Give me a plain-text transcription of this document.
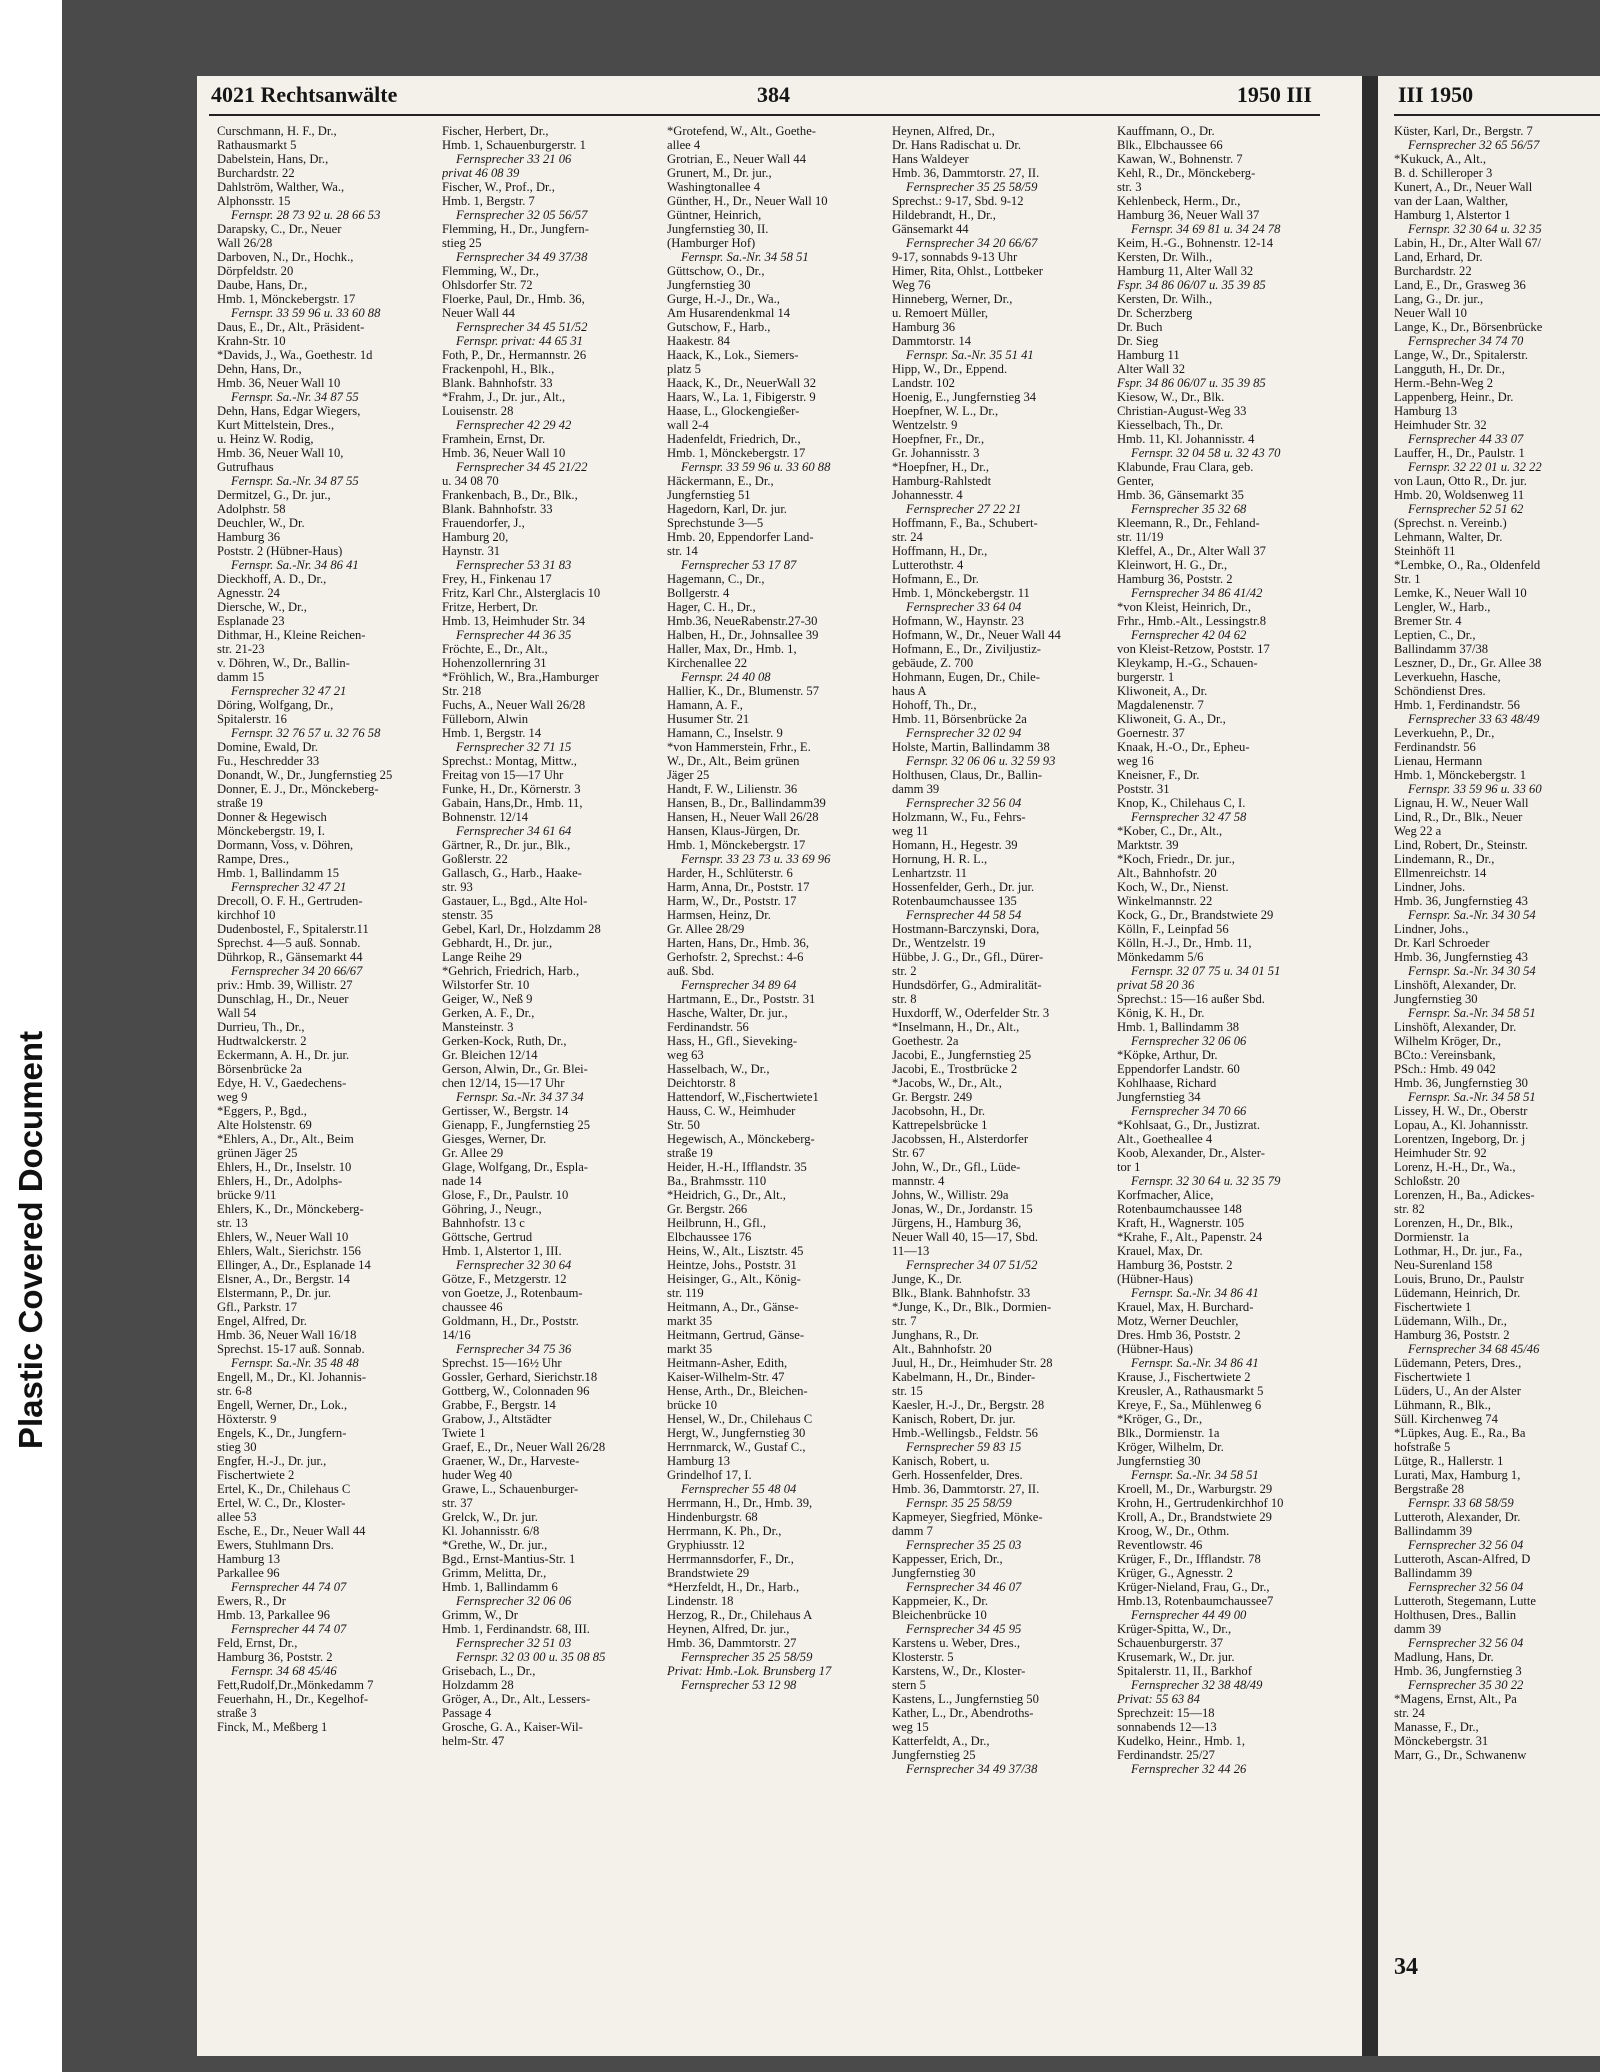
Plastic Covered Document
4021 Rechtsanwälte	384	1950 III
Curschmann, H. F., Dr.,
Rathausmarkt 5
Dabelstein, Hans, Dr.,
Burchardstr. 22
Dahlström, Walther, Wa.,
Alphonsstr. 15
Fernspr. 28 73 92 u. 28 66 53
Darapsky, C., Dr., Neuer
Wall 26/28
Darboven, N., Dr., Hochk.,
Dörpfeldstr. 20
Daube, Hans, Dr.,
Hmb. 1, Mönckebergstr. 17
Fernspr. 33 59 96 u. 33 60 88
Daus, E., Dr., Alt., Präsident-
Krahn-Str. 10
*Davids, J., Wa., Goethestr. 1d
Dehn, Hans, Dr.,
Hmb. 36, Neuer Wall 10
Fernspr. Sa.-Nr. 34 87 55
Dehn, Hans, Edgar Wiegers,
Kurt Mittelstein, Dres.,
u. Heinz W. Rodig,
Hmb. 36, Neuer Wall 10,
Gutrufhaus
Fernspr. Sa.-Nr. 34 87 55
Dermitzel, G., Dr. jur.,
Adolphstr. 58
Deuchler, W., Dr.
Hamburg 36
Poststr. 2 (Hübner-Haus)
Fernspr. Sa.-Nr. 34 86 41
Dieckhoff, A. D., Dr.,
Agnesstr. 24
Diersche, W., Dr.,
Esplanade 23
Dithmar, H., Kleine Reichen-
str. 21-23
v. Döhren, W., Dr., Ballin-
damm 15
Fernsprecher 32 47 21
Döring, Wolfgang, Dr.,
Spitalerstr. 16
Fernspr. 32 76 57 u. 32 76 58
Domine, Ewald, Dr.
Fu., Heschredder 33
Donandt, W., Dr., Jungfernstieg 25
Donner, E. J., Dr., Mönckeberg-
straße 19
Donner & Hegewisch
Mönckebergstr. 19, I.
Dormann, Voss, v. Döhren,
Rampe, Dres.,
Hmb. 1, Ballindamm 15
Fernsprecher 32 47 21
Drecoll, O. F. H., Gertruden-
kirchhof 10
Dudenbostel, F., Spitalerstr.11
Sprechst. 4—5 auß. Sonnab.
Dührkop, R., Gänsemarkt 44
Fernsprecher 34 20 66/67
priv.: Hmb. 39, Willistr. 27
Dunschlag, H., Dr., Neuer
Wall 54
Durrieu, Th., Dr.,
Hudtwalckerstr. 2
Eckermann, A. H., Dr. jur.
Börsenbrücke 2a
Edye, H. V., Gaedechens-
weg 9
*Eggers, P., Bgd.,
Alte Holstenstr. 69
*Ehlers, A., Dr., Alt., Beim
grünen Jäger 25
Ehlers, H., Dr., Inselstr. 10
Ehlers, H., Dr., Adolphs-
brücke 9/11
Ehlers, K., Dr., Mönckeberg-
str. 13
Ehlers, W., Neuer Wall 10
Ehlers, Walt., Sierichstr. 156
Ellinger, A., Dr., Esplanade 14
Elsner, A., Dr., Bergstr. 14
Elstermann, P., Dr. jur.
Gfl., Parkstr. 17
Engel, Alfred, Dr.
Hmb. 36, Neuer Wall 16/18
Sprechst. 15-17 auß. Sonnab.
Fernspr. Sa.-Nr. 35 48 48
Engell, M., Dr., Kl. Johannis-
str. 6-8
Engell, Werner, Dr., Lok.,
Höxterstr. 9
Engels, K., Dr., Jungfern-
stieg 30
Engfer, H.-J., Dr. jur.,
Fischertwiete 2
Ertel, K., Dr., Chilehaus C
Ertel, W. C., Dr., Kloster-
allee 53
Esche, E., Dr., Neuer Wall 44
Ewers, Stuhlmann Drs.
Hamburg 13
Parkallee 96
Fernsprecher 44 74 07
Ewers, R., Dr
Hmb. 13, Parkallee 96
Fernsprecher 44 74 07
Feld, Ernst, Dr.,
Hamburg 36, Poststr. 2
Fernspr. 34 68 45/46
Fett,Rudolf,Dr.,Mönkedamm 7
Feuerhahn, H., Dr., Kegelhof-
straße 3
Finck, M., Meßberg 1
Fischer, Herbert, Dr.,
Hmb. 1, Schauenburgerstr. 1
Fernsprecher 33 21 06
privat 46 08 39
Fischer, W., Prof., Dr.,
Hmb. 1, Bergstr. 7
Fernsprecher 32 05 56/57
Flemming, H., Dr., Jungfern-
stieg 25
Fernsprecher 34 49 37/38
Flemming, W., Dr.,
Ohlsdorfer Str. 72
Floerke, Paul, Dr., Hmb. 36,
Neuer Wall 44
Fernsprecher 34 45 51/52
Fernspr. privat: 44 65 31
Foth, P., Dr., Hermannstr. 26
Frackenpohl, H., Blk.,
Blank. Bahnhofstr. 33
*Frahm, J., Dr. jur., Alt.,
Louisenstr. 28
Fernsprecher 42 29 42
Framhein, Ernst, Dr.
Hmb. 36, Neuer Wall 10
Fernsprecher 34 45 21/22
u. 34 08 70
Frankenbach, B., Dr., Blk.,
Blank. Bahnhofstr. 33
Frauendorfer, J.,
Hamburg 20,
Haynstr. 31
Fernsprecher 53 31 83
Frey, H., Finkenau 17
Fritz, Karl Chr., Alsterglacis 10
Fritze, Herbert, Dr.
Hmb. 13, Heimhuder Str. 34
Fernsprecher 44 36 35
Fröchte, E., Dr., Alt.,
Hohenzollernring 31
*Fröhlich, W., Bra.,Hamburger
Str. 218
Fuchs, A., Neuer Wall 26/28
Fülleborn, Alwin
Hmb. 1, Bergstr. 14
Fernsprecher 32 71 15
Sprechst.: Montag, Mittw.,
Freitag von 15—17 Uhr
Funke, H., Dr., Körnerstr. 3
Gabain, Hans,Dr., Hmb. 11,
Bohnenstr. 12/14
Fernsprecher 34 61 64
Gärtner, R., Dr. jur., Blk.,
Goßlerstr. 22
Gallasch, G., Harb., Haake-
str. 93
Gastauer, L., Bgd., Alte Hol-
stenstr. 35
Gebel, Karl, Dr., Holzdamm 28
Gebhardt, H., Dr. jur.,
Lange Reihe 29
*Gehrich, Friedrich, Harb.,
Wilstorfer Str. 10
Geiger, W., Neß 9
Gerken, A. F., Dr.,
Mansteinstr. 3
Gerken-Kock, Ruth, Dr.,
Gr. Bleichen 12/14
Gerson, Alwin, Dr., Gr. Blei-
chen 12/14, 15—17 Uhr
Fernspr. Sa.-Nr. 34 37 34
Gertisser, W., Bergstr. 14
Gienapp, F., Jungfernstieg 25
Giesges, Werner, Dr.
Gr. Allee 29
Glage, Wolfgang, Dr., Espla-
nade 14
Glose, F., Dr., Paulstr. 10
Göhring, J., Neugr.,
Bahnhofstr. 13 c
Göttsche, Gertrud
Hmb. 1, Alstertor 1, III.
Fernsprecher 32 30 64
Götze, F., Metzgerstr. 12
von Goetze, J., Rotenbaum-
chaussee 46
Goldmann, H., Dr., Poststr.
14/16
Fernsprecher 34 75 36
Sprechst. 15—16½ Uhr
Gossler, Gerhard, Sierichstr.18
Gottberg, W., Colonnaden 96
Grabbe, F., Bergstr. 14
Grabow, J., Altstädter
Twiete 1
Graef, E., Dr., Neuer Wall 26/28
Graener, W., Dr., Harveste-
huder Weg 40
Grawe, L., Schauenburger-
str. 37
Grelck, W., Dr. jur.
Kl. Johannisstr. 6/8
*Grethe, W., Dr. jur.,
Bgd., Ernst-Mantius-Str. 1
Grimm, Melitta, Dr.,
Hmb. 1, Ballindamm 6
Fernsprecher 32 06 06
Grimm, W., Dr
Hmb. 1, Ferdinandstr. 68, III.
Fernsprecher 32 51 03
Fernspr. 32 03 00 u. 35 08 85
Grisebach, L., Dr.,
Holzdamm 28
Gröger, A., Dr., Alt., Lessers-
Passage 4
Grosche, G. A., Kaiser-Wil-
helm-Str. 47
*Grotefend, W., Alt., Goethe-
allee 4
Grotrian, E., Neuer Wall 44
Grunert, M., Dr. jur.,
Washingtonallee 4
Günther, H., Dr., Neuer Wall 10
Güntner, Heinrich,
Jungfernstieg 30, II.
(Hamburger Hof)
Fernspr. Sa.-Nr. 34 58 51
Güttschow, O., Dr.,
Jungfernstieg 30
Gurge, H.-J., Dr., Wa.,
Am Husarendenkmal 14
Gutschow, F., Harb.,
Haakestr. 84
Haack, K., Lok., Siemers-
platz 5
Haack, K., Dr., NeuerWall 32
Haars, W., La. 1, Fibigerstr. 9
Haase, L., Glockengießer-
wall 2-4
Hadenfeldt, Friedrich, Dr.,
Hmb. 1, Mönckebergstr. 17
Fernspr. 33 59 96 u. 33 60 88
Häckermann, E., Dr.,
Jungfernstieg 51
Hagedorn, Karl, Dr. jur.
Sprechstunde 3—5
Hmb. 20, Eppendorfer Land-
str. 14
Fernsprecher 53 17 87
Hagemann, C., Dr.,
Bollgerstr. 4
Hager, C. H., Dr.,
Hmb.36, NeueRabenstr.27-30
Halben, H., Dr., Johnsallee 39
Haller, Max, Dr., Hmb. 1,
Kirchenallee 22
Fernspr. 24 40 08
Hallier, K., Dr., Blumenstr. 57
Hamann, A. F.,
Husumer Str. 21
Hamann, C., Inselstr. 9
*von Hammerstein, Frhr., E.
W., Dr., Alt., Beim grünen
Jäger 25
Handt, F. W., Lilienstr. 36
Hansen, B., Dr., Ballindamm39
Hansen, H., Neuer Wall 26/28
Hansen, Klaus-Jürgen, Dr.
Hmb. 1, Mönckebergstr. 17
Fernspr. 33 23 73 u. 33 69 96
Harder, H., Schlüterstr. 6
Harm, Anna, Dr., Poststr. 17
Harm, W., Dr., Poststr. 17
Harmsen, Heinz, Dr.
Gr. Allee 28/29
Harten, Hans, Dr., Hmb. 36,
Gerhofstr. 2, Sprechst.: 4-6
auß. Sbd.
Fernsprecher 34 89 64
Hartmann, E., Dr., Poststr. 31
Hasche, Walter, Dr. jur.,
Ferdinandstr. 56
Hass, H., Gfl., Sieveking-
weg 63
Hasselbach, W., Dr.,
Deichtorstr. 8
Hattendorf, W.,Fischertwiete1
Hauss, C. W., Heimhuder
Str. 50
Hegewisch, A., Mönckeberg-
straße 19
Heider, H.-H., Ifflandstr. 35
Ba., Brahmsstr. 110
*Heidrich, G., Dr., Alt.,
Gr. Bergstr. 266
Heilbrunn, H., Gfl.,
Elbchaussee 176
Heins, W., Alt., Lisztstr. 45
Heintze, Johs., Poststr. 31
Heisinger, G., Alt., König-
str. 119
Heitmann, A., Dr., Gänse-
markt 35
Heitmann, Gertrud, Gänse-
markt 35
Heitmann-Asher, Edith,
Kaiser-Wilhelm-Str. 47
Hense, Arth., Dr., Bleichen-
brücke 10
Hensel, W., Dr., Chilehaus C
Hergt, W., Jungfernstieg 30
Herrnmarck, W., Gustaf C.,
Hamburg 13
Grindelhof 17, I.
Fernsprecher 55 48 04
Herrmann, H., Dr., Hmb. 39,
Hindenburgstr. 68
Herrmann, K. Ph., Dr.,
Gryphiusstr. 12
Herrmannsdorfer, F., Dr.,
Brandstwiete 29
*Herzfeldt, H., Dr., Harb.,
Lindenstr. 18
Herzog, R., Dr., Chilehaus A
Heynen, Alfred, Dr. jur.,
Hmb. 36, Dammtorstr. 27
Fernsprecher 35 25 58/59
Privat: Hmb.-Lok. Brunsberg 17
Fernsprecher 53 12 98
Heynen, Alfred, Dr.,
Dr. Hans Radischat u. Dr.
Hans Waldeyer
Hmb. 36, Dammtorstr. 27, II.
Fernsprecher 35 25 58/59
Sprechst.: 9-17, Sbd. 9-12
Hildebrandt, H., Dr.,
Gänsemarkt 44
Fernsprecher 34 20 66/67
9-17, sonnabds 9-13 Uhr
Himer, Rita, Ohlst., Lottbeker
Weg 76
Hinneberg, Werner, Dr.,
u. Remoert Müller,
Hamburg 36
Dammtorstr. 14
Fernspr. Sa.-Nr. 35 51 41
Hipp, W., Dr., Eppend.
Landstr. 102
Hoenig, E., Jungfernstieg 34
Hoepfner, W. L., Dr.,
Wentzelstr. 9
Hoepfner, Fr., Dr.,
Gr. Johannisstr. 3
*Hoepfner, H., Dr.,
Hamburg-Rahlstedt
Johannesstr. 4
Fernsprecher 27 22 21
Hoffmann, F., Ba., Schubert-
str. 24
Hoffmann, H., Dr.,
Lutterothstr. 4
Hofmann, E., Dr.
Hmb. 1, Mönckebergstr. 11
Fernsprecher 33 64 04
Hofmann, W., Haynstr. 23
Hofmann, W., Dr., Neuer Wall 44
Hofmann, E., Dr., Ziviljustiz-
gebäude, Z. 700
Hohmann, Eugen, Dr., Chile-
haus A
Hohoff, Th., Dr.,
Hmb. 11, Börsenbrücke 2a
Fernsprecher 32 02 94
Holste, Martin, Ballindamm 38
Fernspr. 32 06 06 u. 32 59 93
Holthusen, Claus, Dr., Ballin-
damm 39
Fernsprecher 32 56 04
Holzmann, W., Fu., Fehrs-
weg 11
Homann, H., Hegestr. 39
Hornung, H. R. L.,
Lenhartzstr. 11
Hossenfelder, Gerh., Dr. jur.
Rotenbaumchaussee 135
Fernsprecher 44 58 54
Hostmann-Barczynski, Dora,
Dr., Wentzelstr. 19
Hübbe, J. G., Dr., Gfl., Dürer-
str. 2
Hundsdörfer, G., Admiralität-
str. 8
Huxdorff, W., Oderfelder Str. 3
*Inselmann, H., Dr., Alt.,
Goethestr. 2a
Jacobi, E., Jungfernstieg 25
Jacobi, E., Trostbrücke 2
*Jacobs, W., Dr., Alt.,
Gr. Bergstr. 249
Jacobsohn, H., Dr.
Kattrepelsbrücke 1
Jacobssen, H., Alsterdorfer
Str. 67
John, W., Dr., Gfl., Lüde-
mannstr. 4
Johns, W., Willistr. 29a
Jonas, W., Dr., Jordanstr. 15
Jürgens, H., Hamburg 36,
Neuer Wall 40, 15—17, Sbd.
11—13
Fernsprecher 34 07 51/52
Junge, K., Dr.
Blk., Blank. Bahnhofstr. 33
*Junge, K., Dr., Blk., Dormien-
str. 7
Junghans, R., Dr.
Alt., Bahnhofstr. 20
Juul, H., Dr., Heimhuder Str. 28
Kabelmann, H., Dr., Binder-
str. 15
Kaesler, H.-J., Dr., Bergstr. 28
Kanisch, Robert, Dr. jur.
Hmb.-Wellingsb., Feldstr. 56
Fernsprecher 59 83 15
Kanisch, Robert, u.
Gerh. Hossenfelder, Dres.
Hmb. 36, Dammtorstr. 27, II.
Fernspr. 35 25 58/59
Kapmeyer, Siegfried, Mönke-
damm 7
Fernsprecher 35 25 03
Kappesser, Erich, Dr.,
Jungfernstieg 30
Fernsprecher 34 46 07
Kappmeier, K., Dr.
Bleichenbrücke 10
Fernsprecher 34 45 95
Karstens u. Weber, Dres.,
Klosterstr. 5
Karstens, W., Dr., Kloster-
stern 5
Kastens, L., Jungfernstieg 50
Kather, L., Dr., Abendroths-
weg 15
Katterfeldt, A., Dr.,
Jungfernstieg 25
Fernsprecher 34 49 37/38
Kauffmann, O., Dr.
Blk., Elbchaussee 66
Kawan, W., Bohnenstr. 7
Kehl, R., Dr., Mönckeberg-
str. 3
Kehlenbeck, Herm., Dr.,
Hamburg 36, Neuer Wall 37
Fernspr. 34 69 81 u. 34 24 78
Keim, H.-G., Bohnenstr. 12-14
Kersten, Dr. Wilh.,
Hamburg 11, Alter Wall 32
Fspr. 34 86 06/07 u. 35 39 85
Kersten, Dr. Wilh.,
Dr. Scherzberg
Dr. Buch
Dr. Sieg
Hamburg 11
Alter Wall 32
Fspr. 34 86 06/07 u. 35 39 85
Kiesow, W., Dr., Blk.
Christian-August-Weg 33
Kiesselbach, Th., Dr.
Hmb. 11, Kl. Johannisstr. 4
Fernspr. 32 04 58 u. 32 43 70
Klabunde, Frau Clara, geb.
Genter,
Hmb. 36, Gänsemarkt 35
Fernsprecher 35 32 68
Kleemann, R., Dr., Fehland-
str. 11/19
Kleffel, A., Dr., Alter Wall 37
Kleinwort, H. G., Dr.,
Hamburg 36, Poststr. 2
Fernsprecher 34 86 41/42
*von Kleist, Heinrich, Dr.,
Frhr., Hmb.-Alt., Lessingstr.8
Fernsprecher 42 04 62
von Kleist-Retzow, Poststr. 17
Kleykamp, H.-G., Schauen-
burgerstr. 1
Kliwoneit, A., Dr.
Magdalenenstr. 7
Kliwoneit, G. A., Dr.,
Goernestr. 37
Knaak, H.-O., Dr., Epheu-
weg 16
Kneisner, F., Dr.
Poststr. 31
Knop, K., Chilehaus C, I.
Fernsprecher 32 47 58
*Kober, C., Dr., Alt.,
Marktstr. 39
*Koch, Friedr., Dr. jur.,
Alt., Bahnhofstr. 20
Koch, W., Dr., Nienst.
Winkelmannstr. 22
Kock, G., Dr., Brandstwiete 29
Kölln, F., Leinpfad 56
Kölln, H.-J., Dr., Hmb. 11,
Mönkedamm 5/6
Fernspr. 32 07 75 u. 34 01 51
privat 58 20 36
Sprechst.: 15—16 außer Sbd.
König, K. H., Dr.
Hmb. 1, Ballindamm 38
Fernsprecher 32 06 06
*Köpke, Arthur, Dr.
Eppendorfer Landstr. 60
Kohlhaase, Richard
Jungfernstieg 34
Fernsprecher 34 70 66
*Kohlsaat, G., Dr., Justizrat.
Alt., Goetheallee 4
Koob, Alexander, Dr., Alster-
tor 1
Fernspr. 32 30 64 u. 32 35 79
Korfmacher, Alice,
Rotenbaumchaussee 148
Kraft, H., Wagnerstr. 105
*Krahe, F., Alt., Papenstr. 24
Krauel, Max, Dr.
Hamburg 36, Poststr. 2
(Hübner-Haus)
Fernspr. Sa.-Nr. 34 86 41
Krauel, Max, H. Burchard-
Motz, Werner Deuchler,
Dres. Hmb 36, Poststr. 2
(Hübner-Haus)
Fernspr. Sa.-Nr. 34 86 41
Krause, J., Fischertwiete 2
Kreusler, A., Rathausmarkt 5
Kreye, F., Sa., Mühlenweg 6
*Kröger, G., Dr.,
Blk., Dormienstr. 1a
Kröger, Wilhelm, Dr.
Jungfernstieg 30
Fernspr. Sa.-Nr. 34 58 51
Kroell, M., Dr., Warburgstr. 29
Krohn, H., Gertrudenkirchhof 10
Kroll, A., Dr., Brandstwiete 29
Kroog, W., Dr., Othm.
Reventlowstr. 46
Krüger, F., Dr., Ifflandstr. 78
Krüger, G., Agnesstr. 2
Krüger-Nieland, Frau, G., Dr.,
Hmb.13, Rotenbaumchaussee7
Fernsprecher 44 49 00
Krüger-Spitta, W., Dr.,
Schauenburgerstr. 37
Krusemark, W., Dr. jur.
Spitalerstr. 11, II., Barkhof
Fernsprecher 32 38 48/49
Privat: 55 63 84
Sprechzeit: 15—18
sonnabends 12—13
Kudelko, Heinr., Hmb. 1,
Ferdinandstr. 25/27
Fernsprecher 32 44 26
III 1950
Küster, Karl, Dr., Bergstr. 7
Fernsprecher 32 65 56/57
*Kukuck, A., Alt.,
B. d. Schilleroper 3
Kunert, A., Dr., Neuer Wall
van der Laan, Walther,
Hamburg 1, Alstertor 1
Fernspr. 32 30 64 u. 32 35
Labin, H., Dr., Alter Wall 67/
Land, Erhard, Dr.
Burchardstr. 22
Land, E., Dr., Grasweg 36
Lang, G., Dr. jur.,
Neuer Wall 10
Lange, K., Dr., Börsenbrücke
Fernsprecher 34 74 70
Lange, W., Dr., Spitalerstr.
Langguth, H., Dr. Dr.,
Herm.-Behn-Weg 2
Lappenberg, Heinr., Dr.
Hamburg 13
Heimhuder Str. 32
Fernsprecher 44 33 07
Lauffer, H., Dr., Paulstr. 1
Fernspr. 32 22 01 u. 32 22
von Laun, Otto R., Dr. jur.
Hmb. 20, Woldsenweg 11
Fernsprecher 52 51 62
(Sprechst. n. Vereinb.)
Lehmann, Walter, Dr.
Steinhöft 11
*Lembke, O., Ra., Oldenfeld
Str. 1
Lemke, K., Neuer Wall 10
Lengler, W., Harb.,
Bremer Str. 4
Leptien, C., Dr.,
Ballindamm 37/38
Leszner, D., Dr., Gr. Allee 38
Leverkuehn, Hasche,
Schöndienst Dres.
Hmb. 1, Ferdinandstr. 56
Fernsprecher 33 63 48/49
Leverkuehn, P., Dr.,
Ferdinandstr. 56
Lienau, Hermann
Hmb. 1, Mönckebergstr. 1
Fernspr. 33 59 96 u. 33 60
Lignau, H. W., Neuer Wall
Lind, R., Dr., Blk., Neuer
Weg 22 a
Lind, Robert, Dr., Steinstr.
Lindemann, R., Dr.,
Ellmenreichstr. 14
Lindner, Johs.
Hmb. 36, Jungfernstieg 43
Fernspr. Sa.-Nr. 34 30 54
Lindner, Johs.,
Dr. Karl Schroeder
Hmb. 36, Jungfernstieg 43
Fernspr. Sa.-Nr. 34 30 54
Linshöft, Alexander, Dr.
Jungfernstieg 30
Fernspr. Sa.-Nr. 34 58 51
Linshöft, Alexander, Dr.
Wilhelm Kröger, Dr.,
BCto.: Vereinsbank,
PSch.: Hmb. 49 042
Hmb. 36, Jungfernstieg 30
Fernspr. Sa.-Nr. 34 58 51
Lissey, H. W., Dr., Oberstr
Lopau, A., Kl. Johannisstr.
Lorentzen, Ingeborg, Dr. j
Heimhuder Str. 92
Lorenz, H.-H., Dr., Wa.,
Schloßstr. 20
Lorenzen, H., Ba., Adickes-
str. 82
Lorenzen, H., Dr., Blk.,
Dormienstr. 1a
Lothmar, H., Dr. jur., Fa.,
Neu-Surenland 158
Louis, Bruno, Dr., Paulstr
Lüdemann, Heinrich, Dr.
Fischertwiete 1
Lüdemann, Wilh., Dr.,
Hamburg 36, Poststr. 2
Fernsprecher 34 68 45/46
Lüdemann, Peters, Dres.,
Fischertwiete 1
Lüders, U., An der Alster
Lühmann, R., Blk.,
Süll. Kirchenweg 74
*Lüpkes, Aug. E., Ra., Ba
hofstraße 5
Lütge, R., Hallerstr. 1
Lurati, Max, Hamburg 1,
Bergstraße 28
Fernspr. 33 68 58/59
Lutteroth, Alexander, Dr.
Ballindamm 39
Fernsprecher 32 56 04
Lutteroth, Ascan-Alfred, D
Ballindamm 39
Fernsprecher 32 56 04
Lutteroth, Stegemann, Lutte
Holthusen, Dres., Ballin
damm 39
Fernsprecher 32 56 04
Madlung, Hans, Dr.
Hmb. 36, Jungfernstieg 3
Fernsprecher 35 30 22
*Magens, Ernst, Alt., Pa
str. 24
Manasse, F., Dr.,
Mönckebergstr. 31
Marr, G., Dr., Schwanenw
34
